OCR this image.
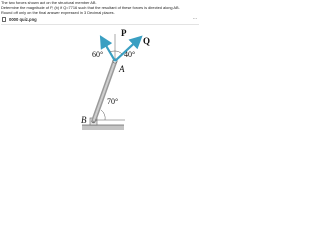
The two forces shown act on the structural member AB.

Determine the magnitude of P, (b) if Q=7716 such that the resultant of these forces is directed along AB.

Round off only on the final answer expressed in 3 Decimal places.

0000 quiz.png	...
P
Q
60°	40°
70°
A
B
